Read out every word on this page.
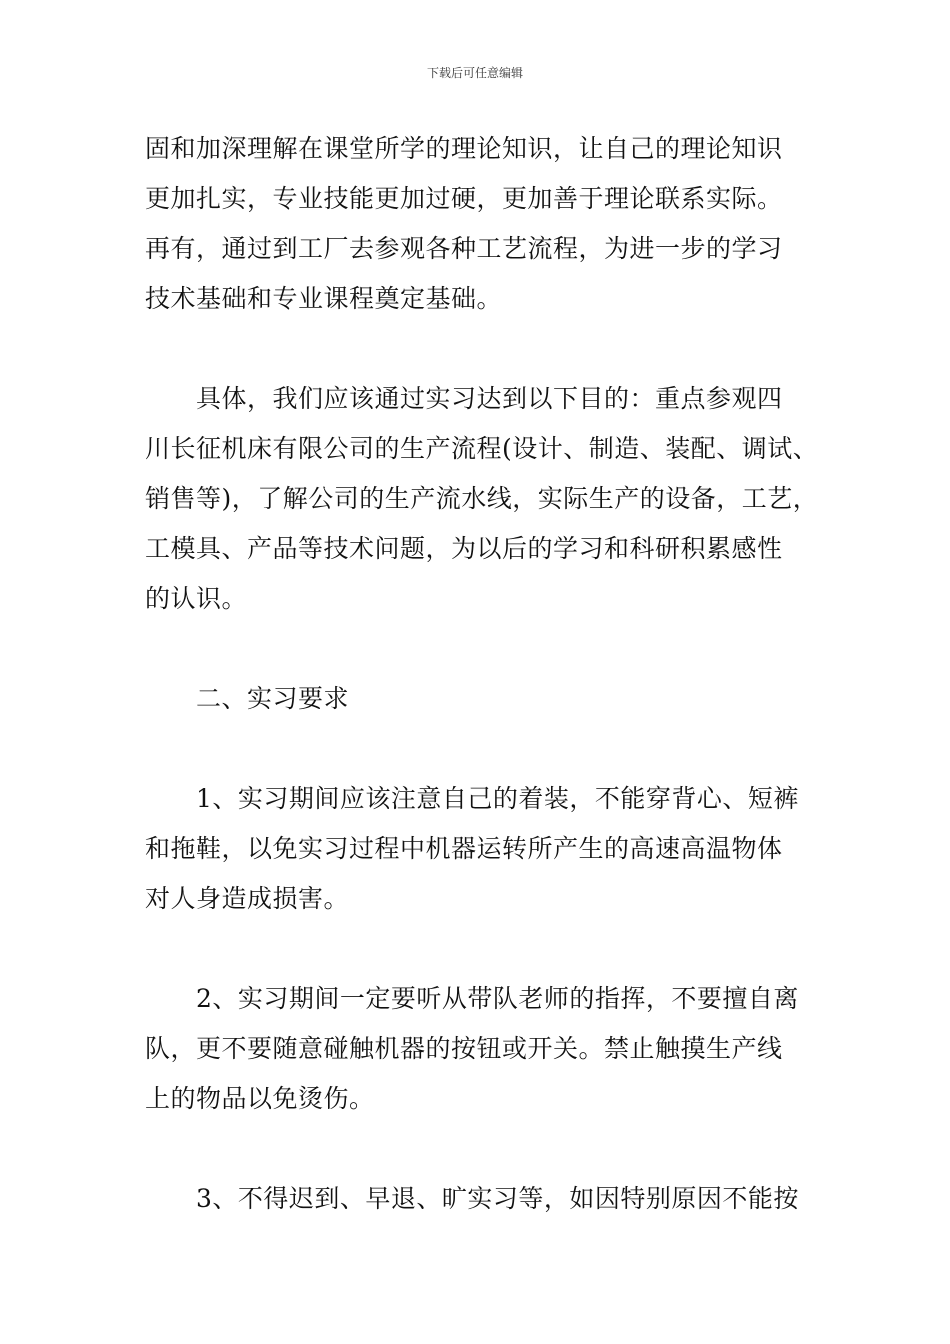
下载后可任意编辑
固和加深理解在课堂所学的理论知识，让自己的理论知识
更加扎实，专业技能更加过硬，更加善于理论联系实际。
再有，通过到工厂去参观各种工艺流程，为进一步的学习
技术基础和专业课程奠定基础。
　　具体，我们应该通过实习达到以下目的：重点参观四
川长征机床有限公司的生产流程(设计、制造、装配、调试、
销售等)，了解公司的生产流水线，实际生产的设备，工艺，
工模具、产品等技术问题，为以后的学习和科研积累感性
的认识。
　　二、实习要求
　　1、实习期间应该注意自己的着装，不能穿背心、短裤
和拖鞋，以免实习过程中机器运转所产生的高速高温物体
对人身造成损害。
　　2、实习期间一定要听从带队老师的指挥，不要擅自离
队，更不要随意碰触机器的按钮或开关。禁止触摸生产线
上的物品以免烫伤。
　　3、不得迟到、早退、旷实习等，如因特别原因不能按
